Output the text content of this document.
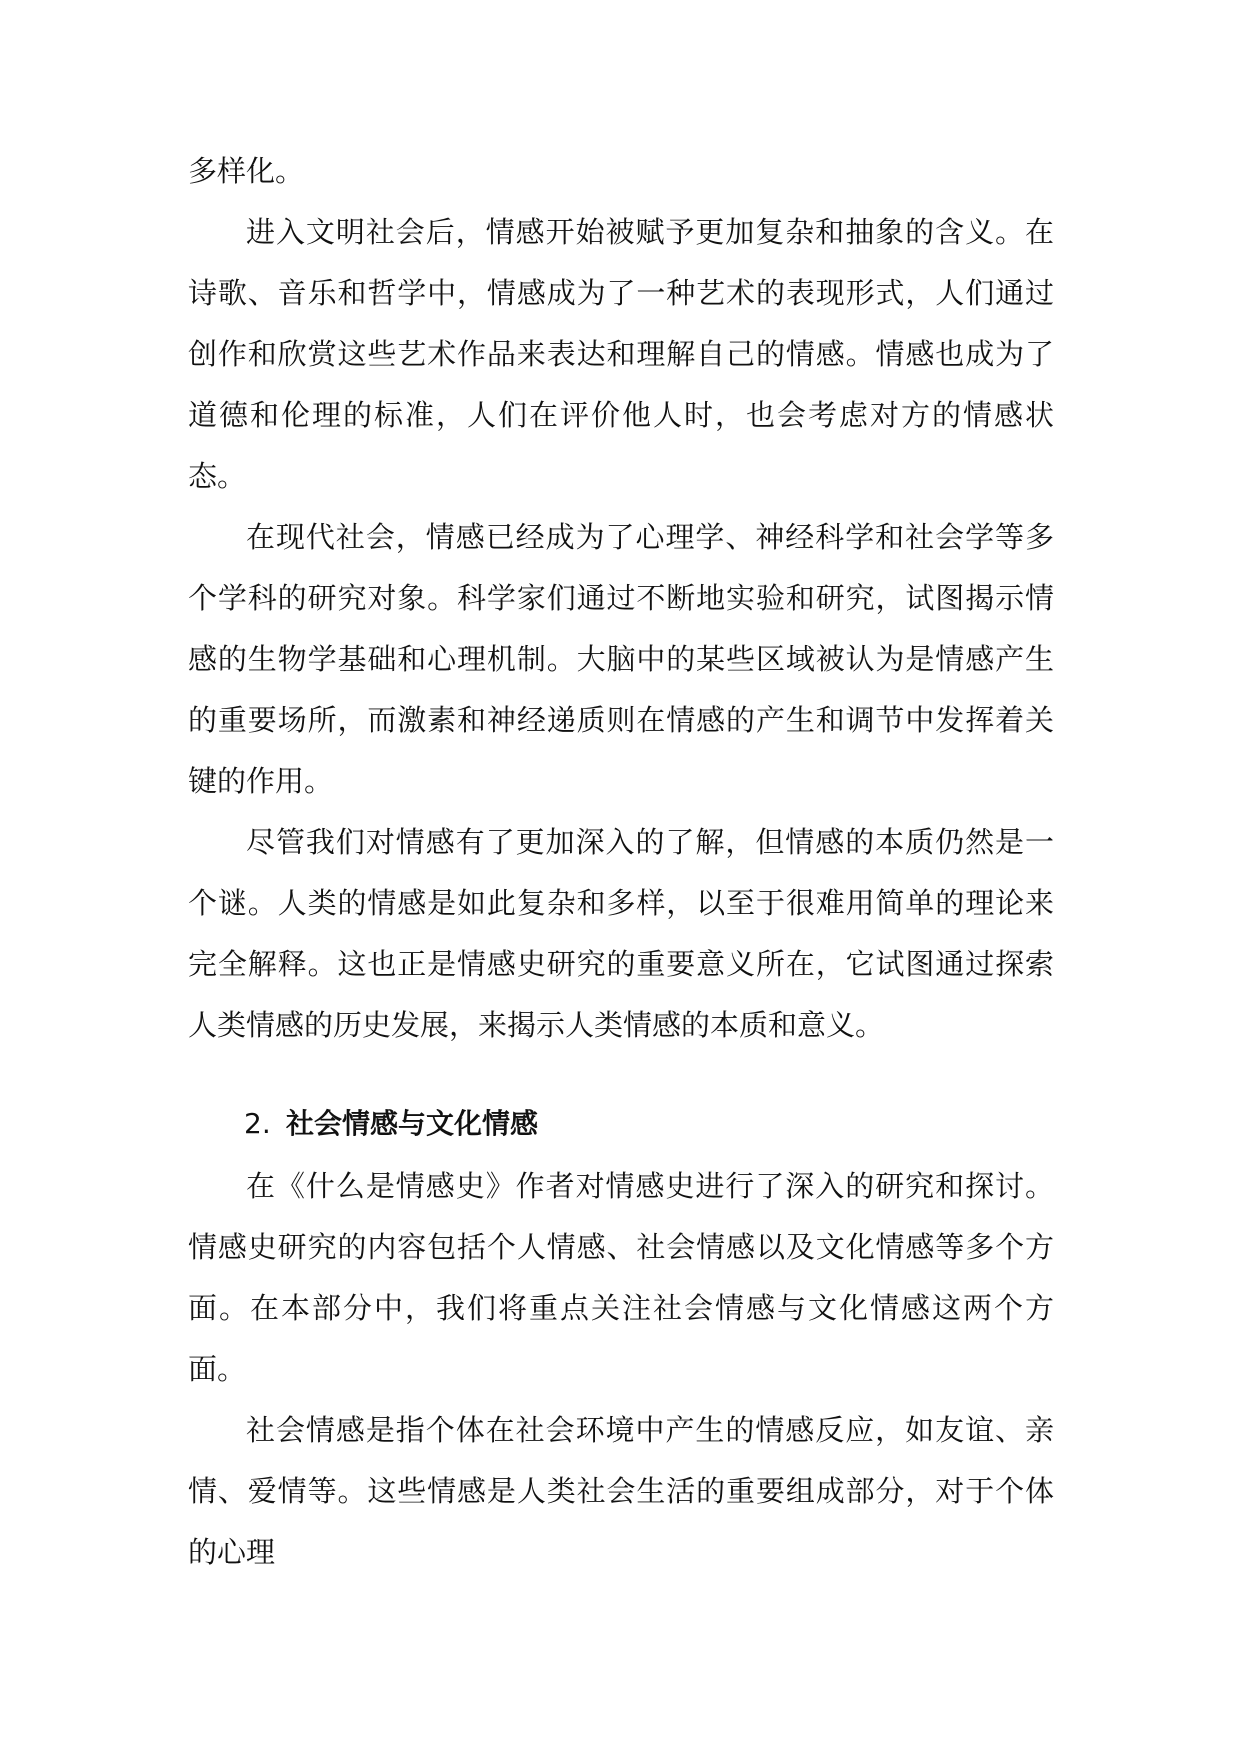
多样化。

进入文明社会后，情感开始被赋予更加复杂和抽象的含义。在诗歌、音乐和哲学中，情感成为了一种艺术的表现形式，人们通过创作和欣赏这些艺术作品来表达和理解自己的情感。情感也成为了道德和伦理的标准，人们在评价他人时，也会考虑对方的情感状态。

在现代社会，情感已经成为了心理学、神经科学和社会学等多个学科的研究对象。科学家们通过不断地实验和研究，试图揭示情感的生物学基础和心理机制。大脑中的某些区域被认为是情感产生的重要场所，而激素和神经递质则在情感的产生和调节中发挥着关键的作用。

尽管我们对情感有了更加深入的了解，但情感的本质仍然是一个谜。人类的情感是如此复杂和多样，以至于很难用简单的理论来完全解释。这也正是情感史研究的重要意义所在，它试图通过探索人类情感的历史发展，来揭示人类情感的本质和意义。

2. 社会情感与文化情感

在《什么是情感史》作者对情感史进行了深入的研究和探讨。情感史研究的内容包括个人情感、社会情感以及文化情感等多个方面。在本部分中，我们将重点关注社会情感与文化情感这两个方面。

社会情感是指个体在社会环境中产生的情感反应，如友谊、亲情、爱情等。这些情感是人类社会生活的重要组成部分，对于个体的心理
